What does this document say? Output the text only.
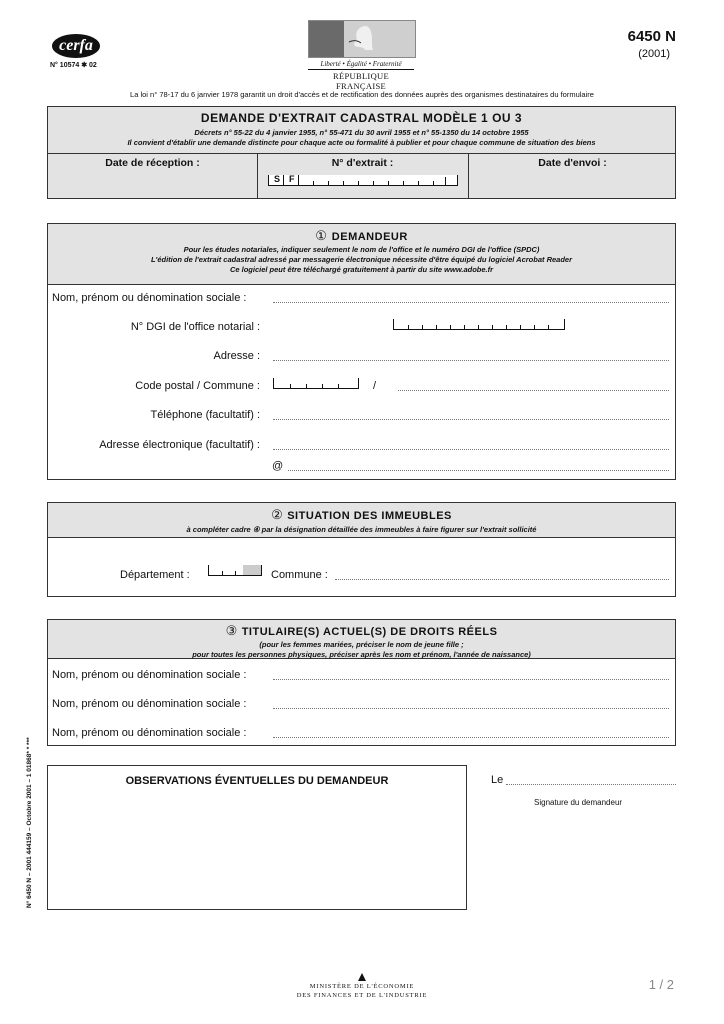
cerfa
N° 10574 ✱ 02	Liberté • Égalité • Fraternité
RÉPUBLIQUE FRANÇAISE
6450 N
(2001)
La loi n° 78-17 du 6 janvier 1978 garantit un droit d'accès et de rectification des données auprès des organismes destinataires du formulaire
DEMANDE D'EXTRAIT CADASTRAL MODÈLE 1 OU 3
Décrets n° 55-22 du 4 janvier 1955, n° 55-471 du 30 avril 1955 et n° 55-1350 du 14 octobre 1955
Il convient d'établir une demande distincte pour chaque acte ou formalité à publier et pour chaque commune de situation des biens
Date de réception :	N° d'extrait :	Date d'envoi :
S F
① DEMANDEUR
Pour les études notariales, indiquer seulement le nom de l'office et le numéro DGI de l'office (SPDC)
L'édition de l'extrait cadastral adressé par messagerie électronique nécessite d'être équipé du logiciel Acrobat Reader
Ce logiciel peut être téléchargé gratuitement à partir du site www.adobe.fr
Nom, prénom ou dénomination sociale :
N° DGI de l'office notarial :
Adresse :
Code postal / Commune :	/
Téléphone (facultatif) :
Adresse électronique (facultatif) :
@
② SITUATION DES IMMEUBLES
à compléter cadre ④ par la désignation détaillée des immeubles à faire figurer sur l'extrait sollicité
Département :	Commune :
③ TITULAIRE(S) ACTUEL(S) DE DROITS RÉELS
(pour les femmes mariées, préciser le nom de jeune fille ;
pour toutes les personnes physiques, préciser après les nom et prénom, l'année de naissance)
Nom, prénom ou dénomination sociale :
Nom, prénom ou dénomination sociale :
Nom, prénom ou dénomination sociale :
OBSERVATIONS ÉVENTUELLES DU DEMANDEUR	Le
Signature du demandeur
N° 6450 N – 2001 444159 – Octobre 2001 – 1 01868* * ***
MINISTÈRE DE L'ÉCONOMIE
DES FINANCES ET DE L'INDUSTRIE
1 / 2
